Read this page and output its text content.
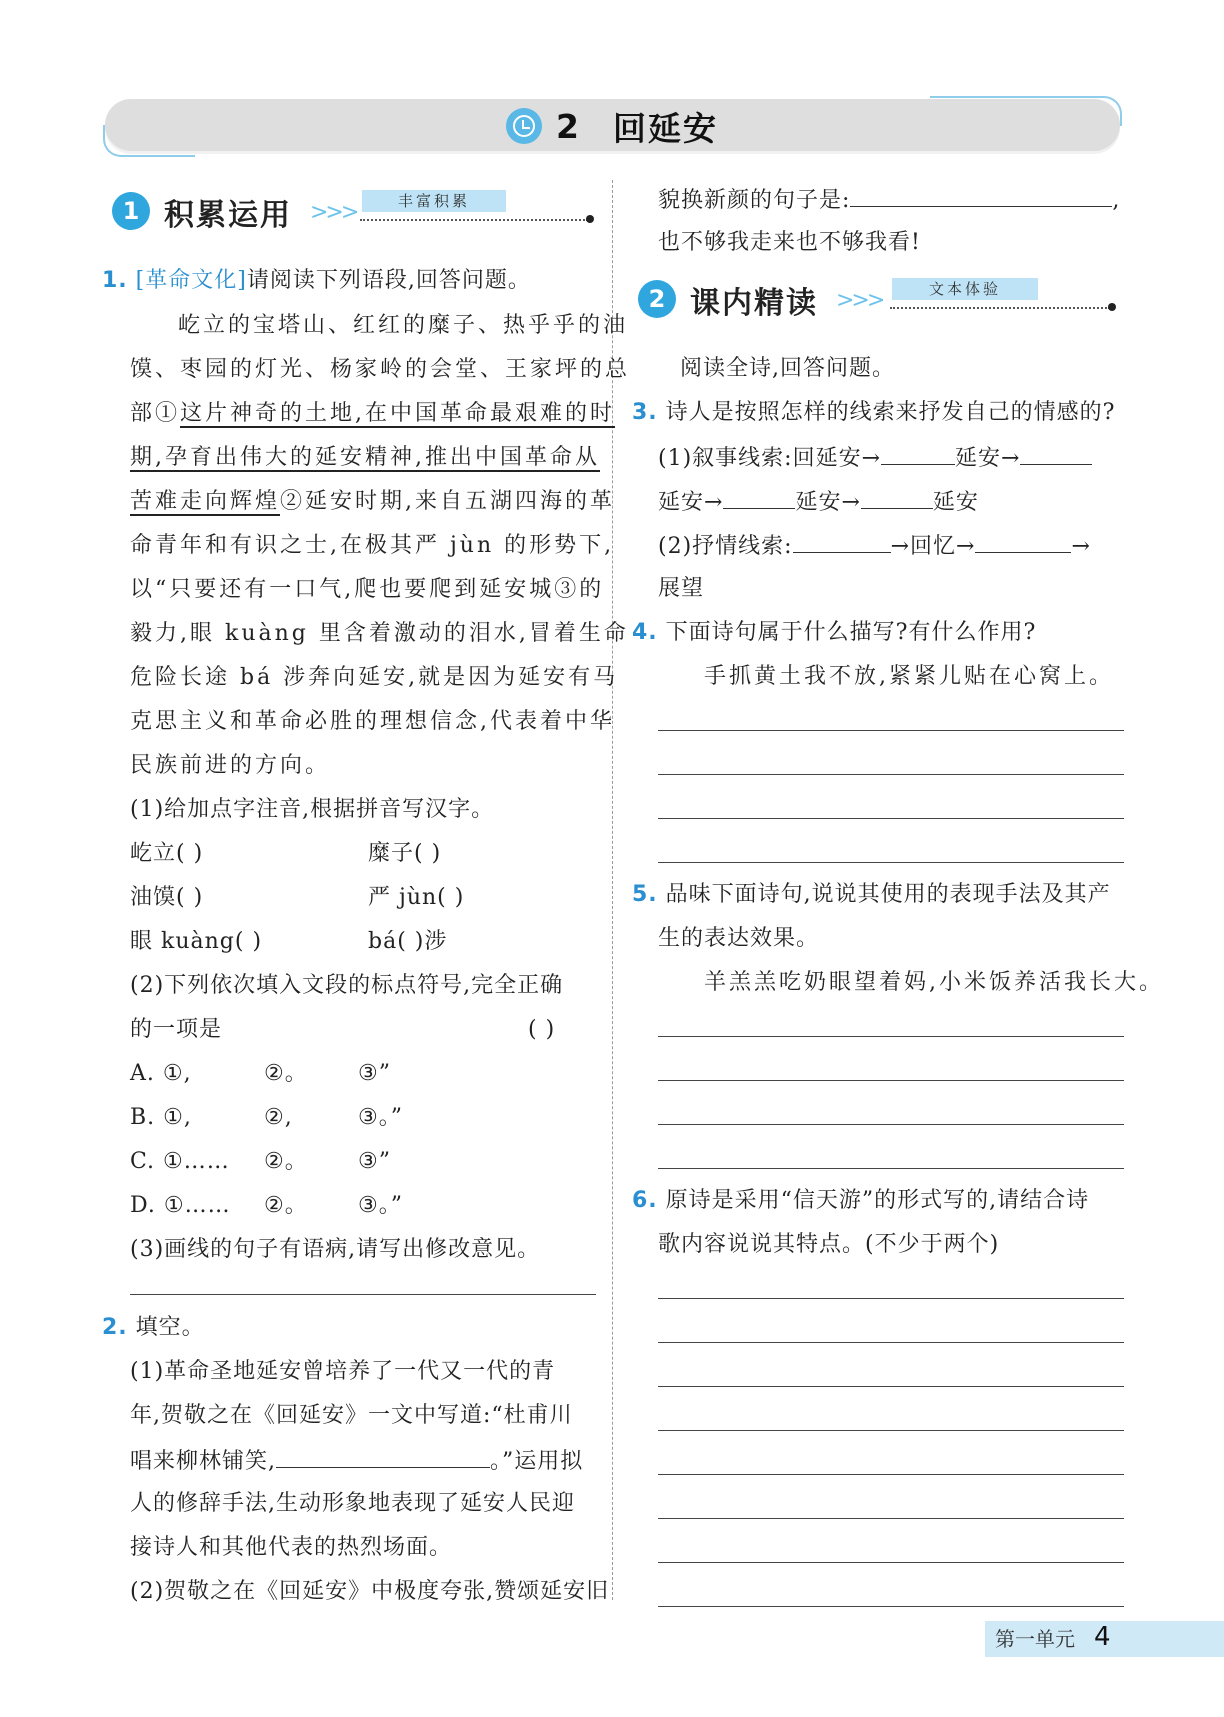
2 回延安
1 积累运用 >>>	丰富积累
1. [革命文化]请阅读下列语段,回答问题。
屹立的宝塔山、红红的糜子、热乎乎的油
馍、枣园的灯光、杨家岭的会堂、王家坪的总
部①这片神奇的土地,在中国革命最艰难的时
期,孕育出伟大的延安精神,推出中国革命从
苦难走向辉煌②延安时期,来自五湖四海的革
命青年和有识之士,在极其严 jùn 的形势下,
以“只要还有一口气,爬也要爬到延安城③的
毅力,眼 kuàng 里含着激动的泪水,冒着生命
危险长途 bá 涉奔向延安,就是因为延安有马
克思主义和革命必胜的理想信念,代表着中华
民族前进的方向。
(1)给加点字注音,根据拼音写汉字。
屹立( )	糜子( )
油馍( )	严 jùn( )
眼 kuàng( )	bá( )涉
(2)下列依次填入文段的标点符号,完全正确
的一项是	( )
A. ①,	②。 ③”
B. ①,	②,	③。”
C. ①…… ②。 ③”
D. ①…… ②。 ③。”
(3)画线的句子有语病,请写出修改意见。
2. 填空。
(1)革命圣地延安曾培养了一代又一代的青
年,贺敬之在《回延安》一文中写道:“杜甫川
唱来柳林铺笑,	。”运用拟
人的修辞手法,生动形象地表现了延安人民迎
接诗人和其他代表的热烈场面。
(2)贺敬之在《回延安》中极度夸张,赞颂延安旧
貌换新颜的句子是:	,
也不够我走来也不够我看!
2 课内精读 >>>	文本体验
阅读全诗,回答问题。
3. 诗人是按照怎样的线索来抒发自己的情感的?
(1)叙事线索:回延安→	延安→
延安→	延安→	延安
(2)抒情线索:	→回忆→	→
展望
4. 下面诗句属于什么描写?有什么作用?
手抓黄土我不放,紧紧儿贴在心窝上。
5. 品味下面诗句,说说其使用的表现手法及其产
生的表达效果。
羊羔羔吃奶眼望着妈,小米饭养活我长大。
6. 原诗是采用“信天游”的形式写的,请结合诗
歌内容说说其特点。(不少于两个)
第一单元 4
